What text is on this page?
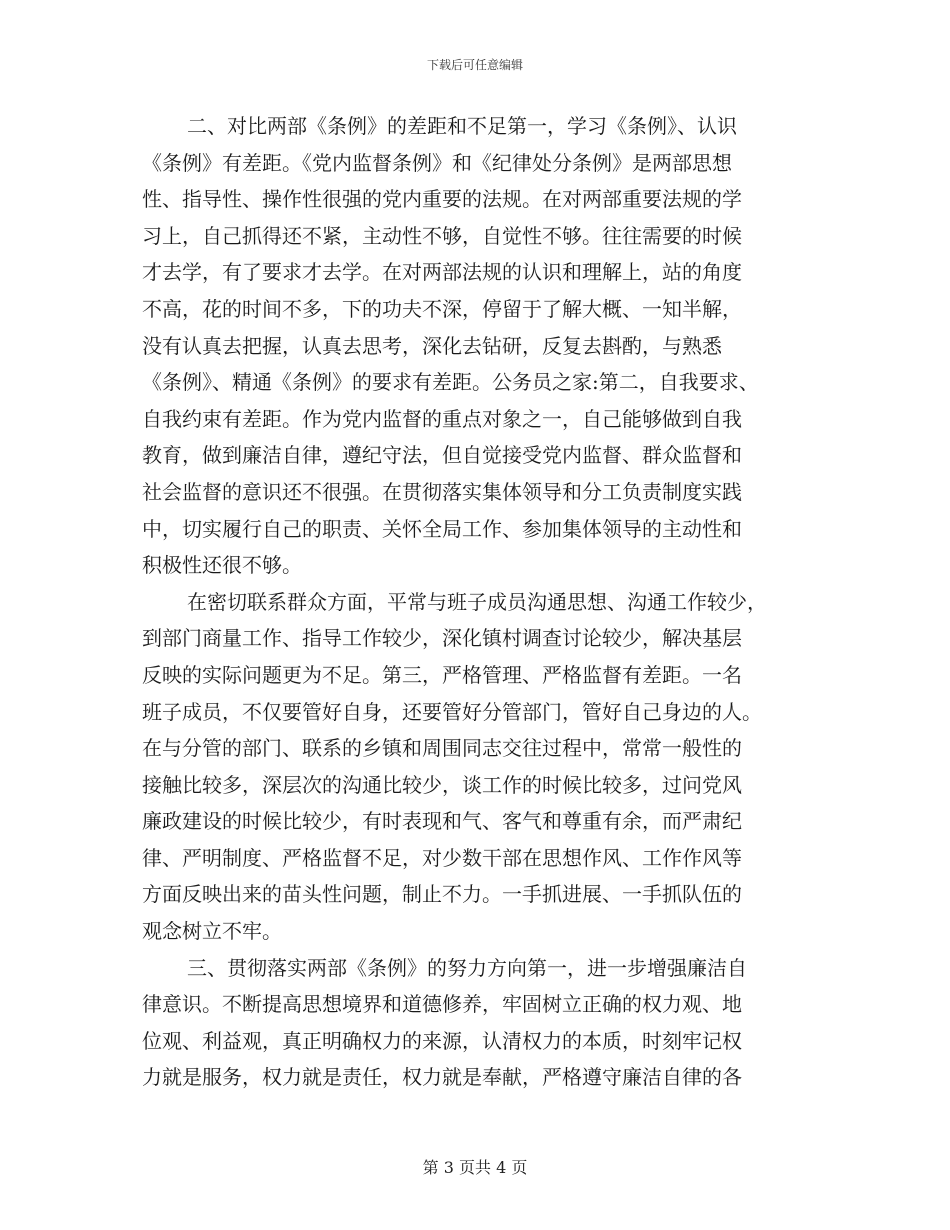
下载后可任意编辑
二、对比两部《条例》的差距和不足第一，学习《条例》、认识
《条例》有差距。《党内监督条例》和《纪律处分条例》是两部思想
性、指导性、操作性很强的党内重要的法规。在对两部重要法规的学
习上，自己抓得还不紧，主动性不够，自觉性不够。往往需要的时候
才去学，有了要求才去学。在对两部法规的认识和理解上，站的角度
不高，花的时间不多，下的功夫不深，停留于了解大概、一知半解，
没有认真去把握，认真去思考，深化去钻研，反复去斟酌，与熟悉
《条例》、精通《条例》的要求有差距。公务员之家:第二，自我要求、
自我约束有差距。作为党内监督的重点对象之一，自己能够做到自我
教育，做到廉洁自律，遵纪守法，但自觉接受党内监督、群众监督和
社会监督的意识还不很强。在贯彻落实集体领导和分工负责制度实践
中，切实履行自己的职责、关怀全局工作、参加集体领导的主动性和
积极性还很不够。
在密切联系群众方面，平常与班子成员沟通思想、沟通工作较少，
到部门商量工作、指导工作较少，深化镇村调查讨论较少，解决基层
反映的实际问题更为不足。第三，严格管理、严格监督有差距。一名
班子成员，不仅要管好自身，还要管好分管部门，管好自己身边的人。
在与分管的部门、联系的乡镇和周围同志交往过程中，常常一般性的
接触比较多，深层次的沟通比较少，谈工作的时候比较多，过问党风
廉政建设的时候比较少，有时表现和气、客气和尊重有余，而严肃纪
律、严明制度、严格监督不足，对少数干部在思想作风、工作作风等
方面反映出来的苗头性问题，制止不力。一手抓进展、一手抓队伍的
观念树立不牢。
三、贯彻落实两部《条例》的努力方向第一，进一步增强廉洁自
律意识。不断提高思想境界和道德修养，牢固树立正确的权力观、地
位观、利益观，真正明确权力的来源，认清权力的本质，时刻牢记权
力就是服务，权力就是责任，权力就是奉献，严格遵守廉洁自律的各
第 3 页共 4 页
